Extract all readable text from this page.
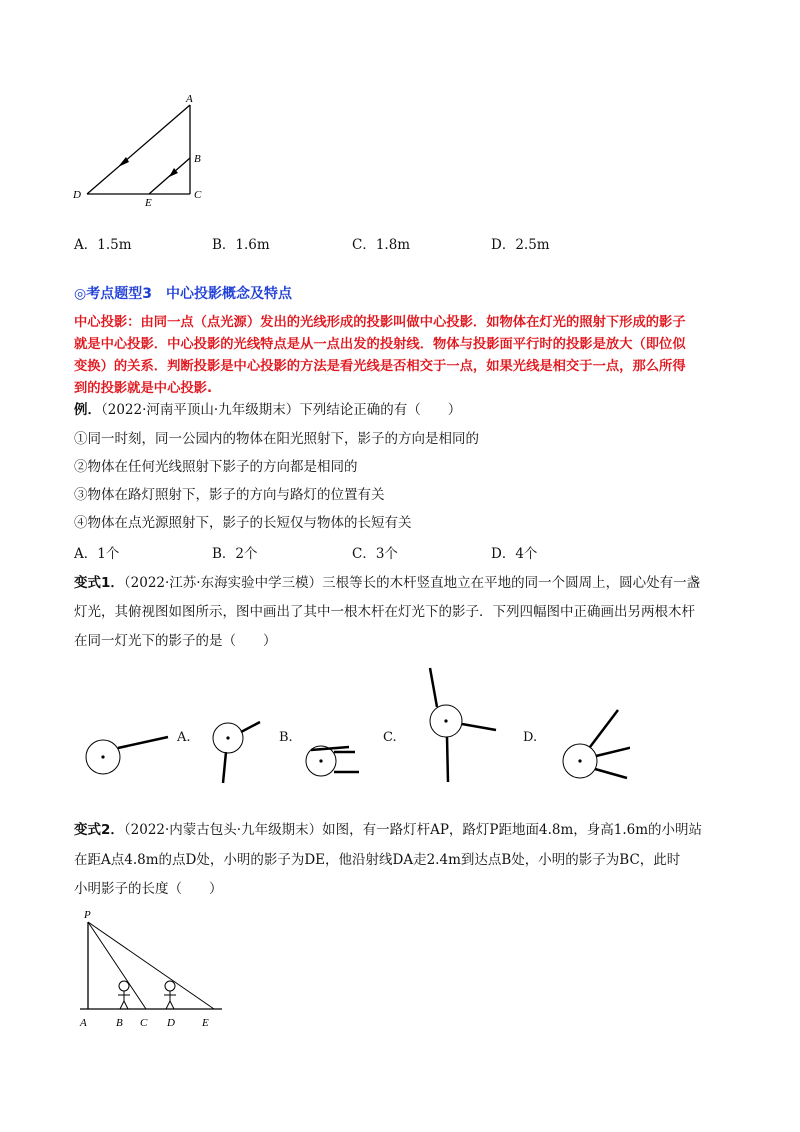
A
B
C
D
E
A．1.5m	B．1.6m	C．1.8m	D．2.5m
◎考点题型3　中心投影概念及特点
中心投影：由同一点（点光源）发出的光线形成的投影叫做中心投影．如物体在灯光的照射下形成的影子
就是中心投影．中心投影的光线特点是从一点出发的投射线．物体与投影面平行时的投影是放大（即位似
变换）的关系．判断投影是中心投影的方法是看光线是否相交于一点，如果光线是相交于一点，那么所得
到的投影就是中心投影.
例．（2022·河南平顶山·九年级期末）下列结论正确的有（　　）
①同一时刻，同一公园内的物体在阳光照射下，影子的方向是相同的
②物体在任何光线照射下影子的方向都是相同的
③物体在路灯照射下，影子的方向与路灯的位置有关
④物体在点光源照射下，影子的长短仅与物体的长短有关
A．1个	B．2个	C．3个	D．4个
变式1．（2022·江苏·东海实验中学三模）三根等长的木杆竖直地立在平地的同一个圆周上，圆心处有一盏
灯光，其俯视图如图所示，图中画出了其中一根木杆在灯光下的影子．下列四幅图中正确画出另两根木杆
在同一灯光下的影子的是（　　）
A.	B.	C.	D.
变式2．（2022·内蒙古包头·九年级期末）如图，有一路灯杆AP，路灯P距地面4.8m，身高1.6m的小明站
在距A点4.8m的点D处，小明的影子为DE，他沿射线DA走2.4m到达点B处，小明的影子为BC，此时
小明影子的长度（　　）
P
A	B C D E
